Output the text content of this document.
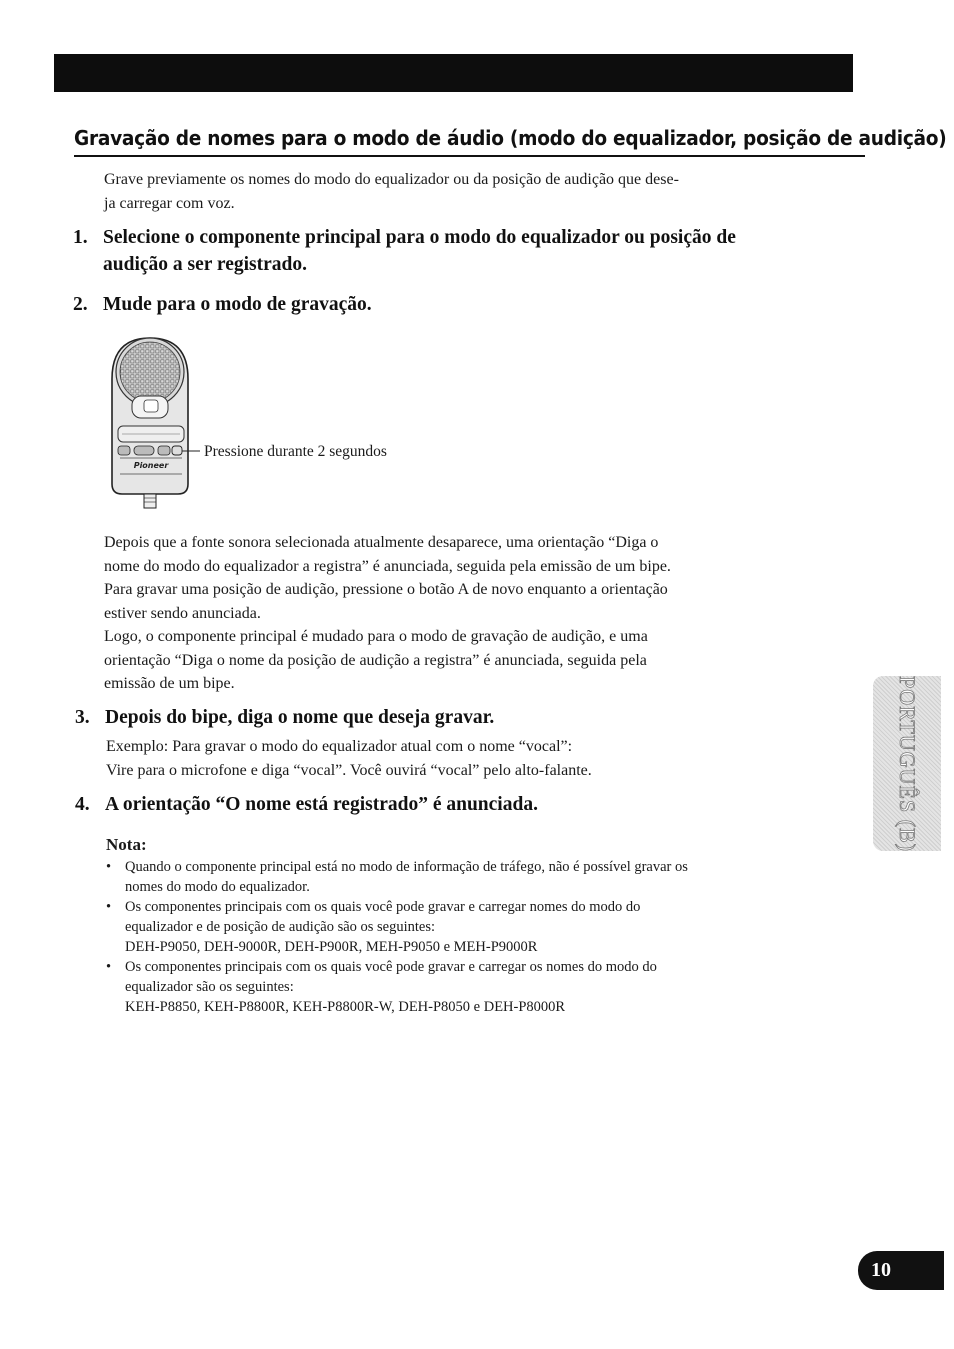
Gravação de nomes para o modo de áudio (modo do equalizador, posição de audição)
Grave previamente os nomes do modo do equalizador ou da posição de audição que dese-
ja carregar com voz.
1. Selecione o componente principal para o modo do equalizador ou posição de
audição a ser registrado.
2. Mude para o modo de gravação.
Pioneer
Pressione durante 2 segundos
Depois que a fonte sonora selecionada atualmente desaparece, uma orientação “Diga o
nome do modo do equalizador a registra” é anunciada, seguida pela emissão de um bipe.
Para gravar uma posição de audição, pressione o botão A de novo enquanto a orientação
estiver sendo anunciada.
Logo, o componente principal é mudado para o modo de gravação de audição, e uma
orientação “Diga o nome da posição de audição a registra” é anunciada, seguida pela
emissão de um bipe.
3. Depois do bipe, diga o nome que deseja gravar.
Exemplo: Para gravar o modo do equalizador atual com o nome “vocal”:
Vire para o microfone e diga “vocal”. Você ouvirá “vocal” pelo alto-falante.
4. A orientação “O nome está registrado” é anunciada.
Nota:
• Quando o componente principal está no modo de informação de tráfego, não é possível gravar os
nomes do modo do equalizador.
• Os componentes principais com os quais você pode gravar e carregar nomes do modo do
equalizador e de posição de audição são os seguintes:
DEH-P9050, DEH-9000R, DEH-P900R, MEH-P9050 e MEH-P9000R
• Os componentes principais com os quais você pode gravar e carregar os nomes do modo do
equalizador são os seguintes:
KEH-P8850, KEH-P8800R, KEH-P8800R-W, DEH-P8050 e DEH-P8000R
PORTUGUÊS (B)
10
